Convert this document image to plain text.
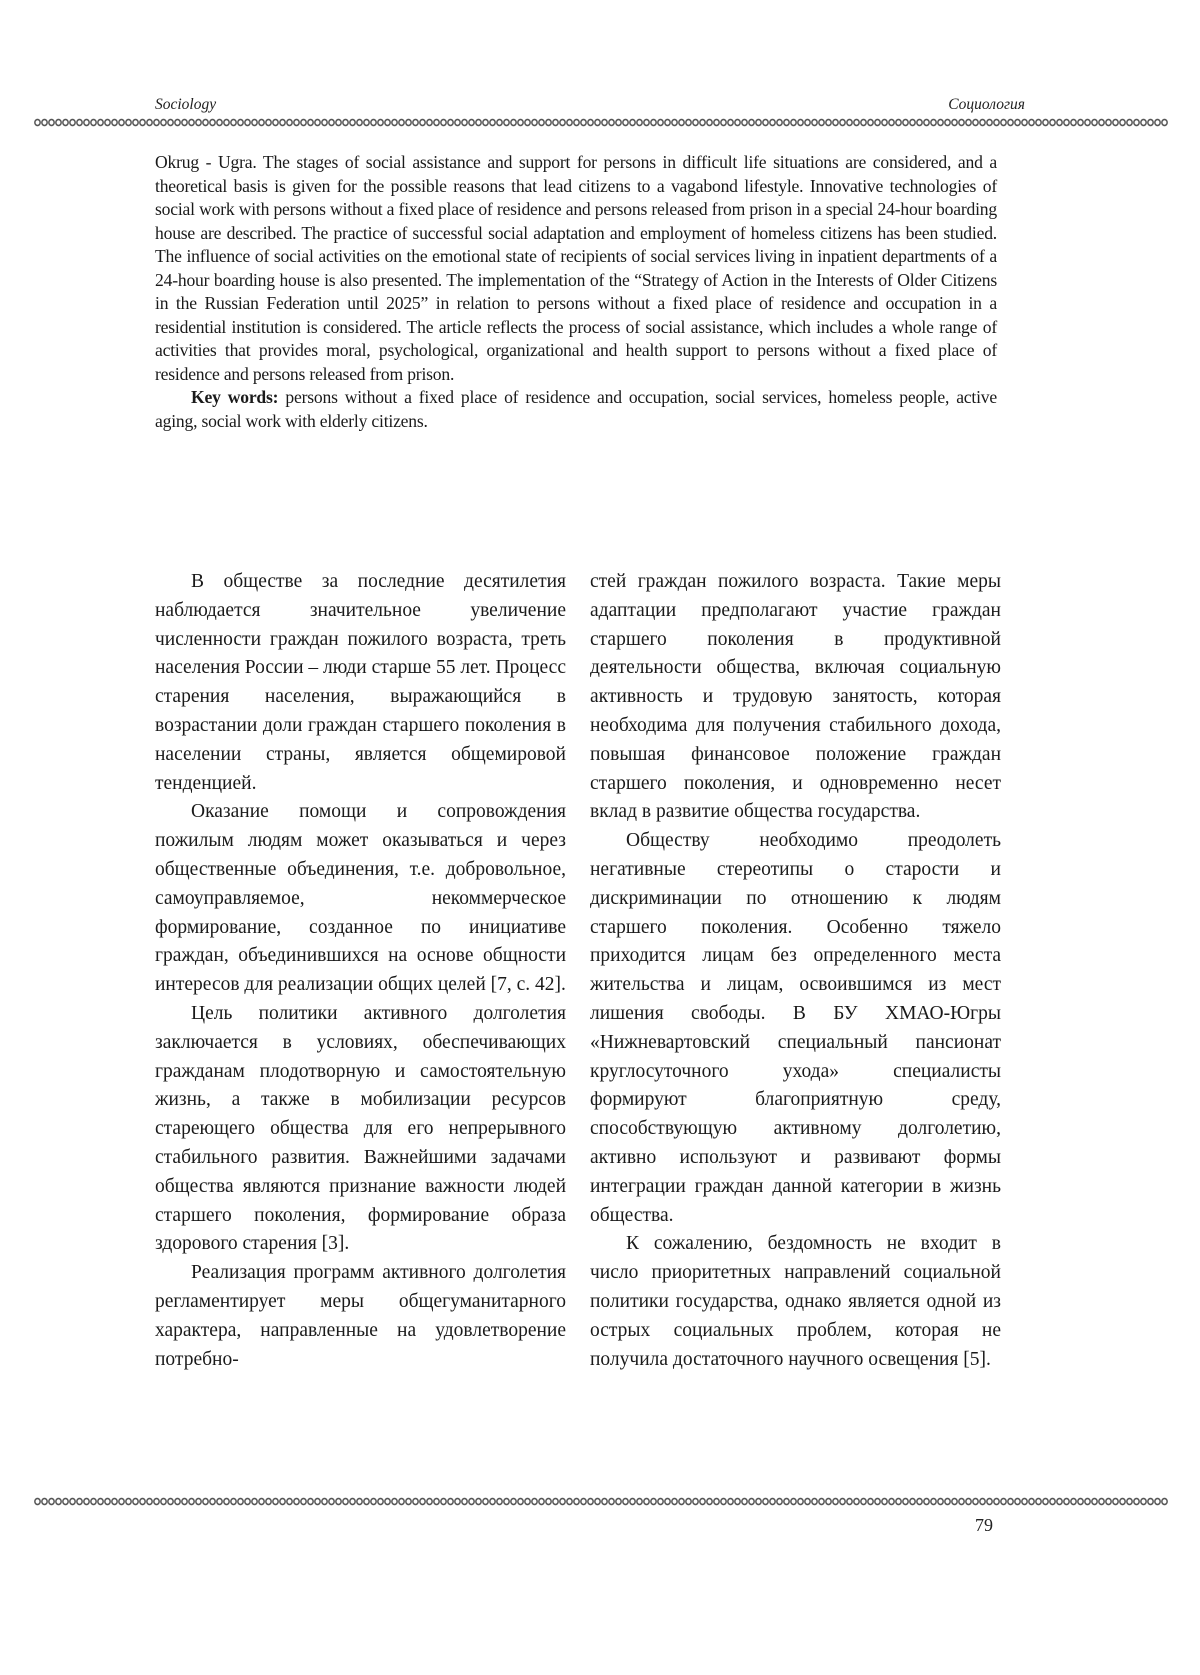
Sociology	Социология

Okrug - Ugra. The stages of social assistance and support for persons in difficult life situations are considered, and a theoretical basis is given for the possible reasons that lead citizens to a vagabond lifestyle. Innovative technologies of social work with persons without a fixed place of residence and persons released from prison in a special 24-hour boarding house are described. The practice of successful social adaptation and employment of homeless citizens has been studied. The influence of social activities on the emotional state of recipients of social services living in inpatient departments of a 24-hour boarding house is also presented. The implementation of the “Strategy of Action in the Interests of Older Citizens in the Russian Federation until 2025” in relation to persons without a fixed place of residence and occupation in a residential institution is considered. The article reflects the process of social assistance, which includes a whole range of activities that provides moral, psychological, organizational and health support to persons without a fixed place of residence and persons released from prison.

Key words: persons without a fixed place of residence and occupation, social services, homeless people, active aging, social work with elderly citizens.

В обществе за последние десятилетия наблюдается значительное увеличение численности граждан пожилого возраста, треть населения России – люди старше 55 лет. Процесс старения населения, выражающийся в возрастании доли граждан старшего поколения в населении страны, является общемировой тенденцией.

Оказание помощи и сопровождения пожилым людям может оказываться и через общественные объединения, т.е. добровольное, самоуправляемое, некоммерческое формирование, созданное по инициативе граждан, объединившихся на основе общности интересов для реализации общих целей [7, с. 42].

Цель политики активного долголетия заключается в условиях, обеспечивающих гражданам плодотворную и самостоятельную жизнь, а также в мобилизации ресурсов стареющего общества для его непрерывного стабильного развития. Важнейшими задачами общества являются признание важности людей старшего поколения, формирование образа здорового старения [3].

Реализация программ активного долголетия регламентирует меры общегуманитарного характера, направленные на удовлетворение потребно-

стей граждан пожилого возраста. Такие меры адаптации предполагают участие граждан старшего поколения в продуктивной деятельности общества, включая социальную активность и трудовую занятость, которая необходима для получения стабильного дохода, повышая финансовое положение граждан старшего поколения, и одновременно несет вклад в развитие общества государства.

Обществу необходимо преодолеть негативные стереотипы о старости и дискриминации по отношению к людям старшего поколения. Особенно тяжело приходится лицам без определенного места жительства и лицам, освоившимся из мест лишения свободы. В БУ ХМАО-Югры «Нижневартовский специальный пансионат круглосуточного ухода» специалисты формируют благоприятную среду, способствующую активному долголетию, активно используют и развивают формы интеграции граждан данной категории в жизнь общества.

К сожалению, бездомность не входит в число приоритетных направлений социальной политики государства, однако является одной из острых социальных проблем, которая не получила достаточного научного освещения [5].

79
